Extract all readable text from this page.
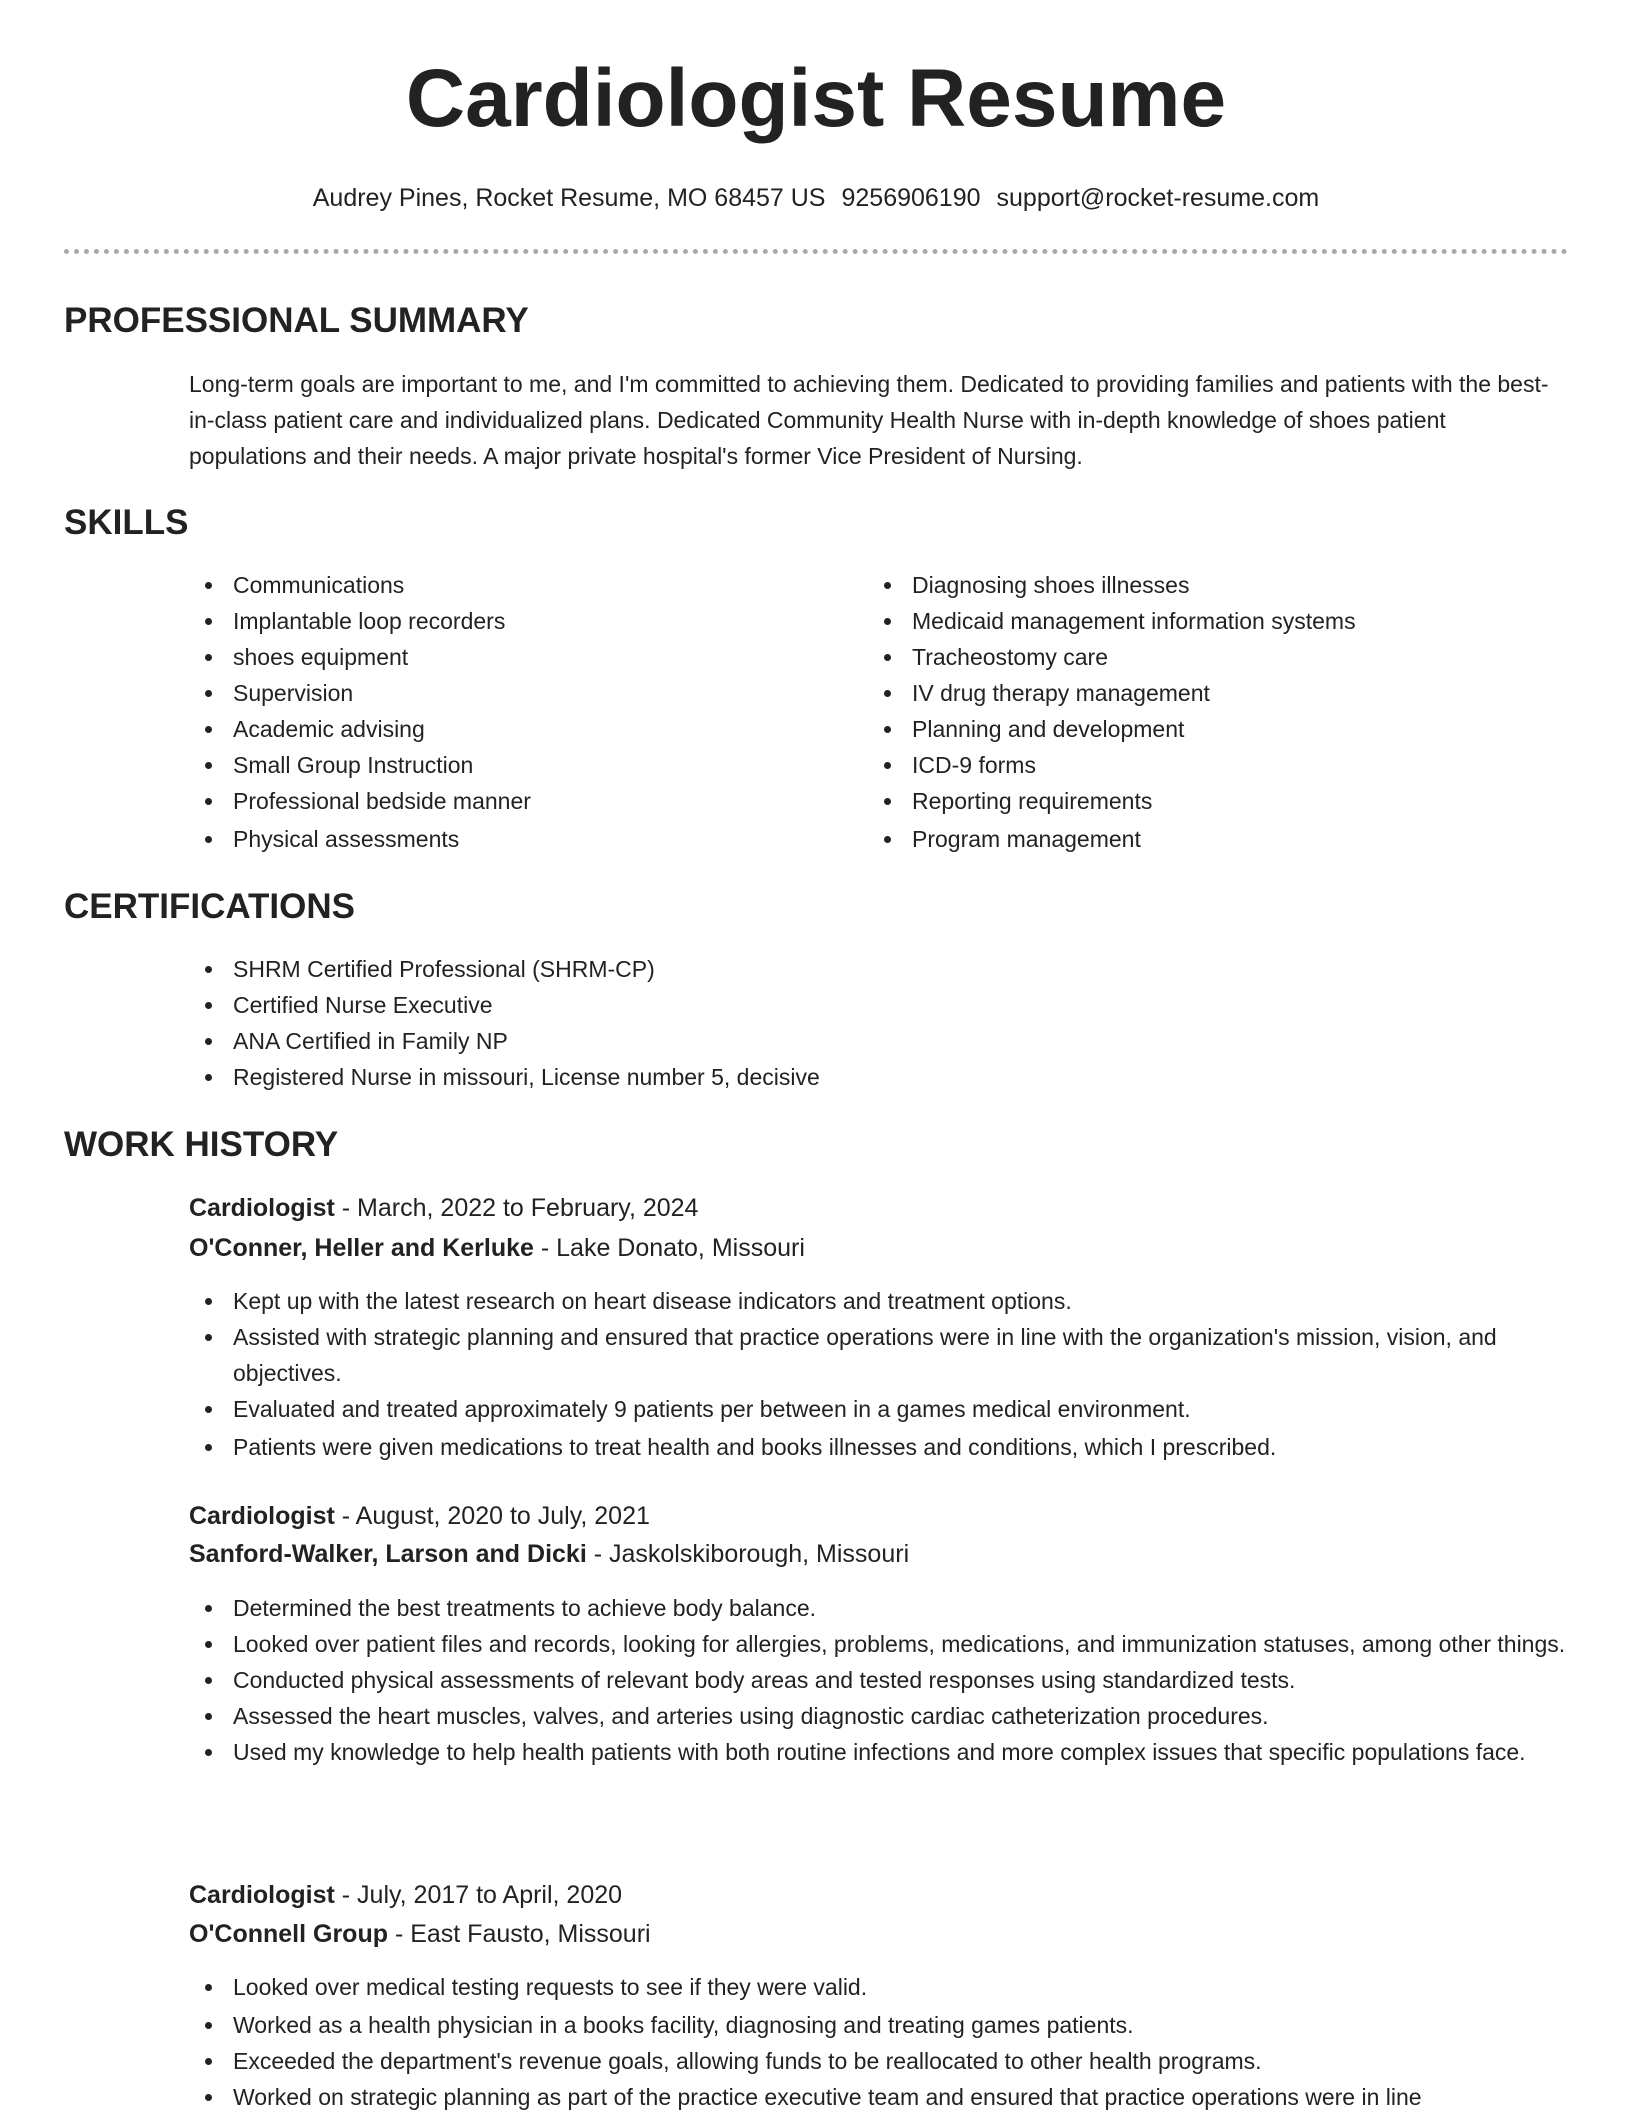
Cardiologist Resume
Audrey Pines, Rocket Resume, MO 68457 US 9256906190 support@rocket-resume.com
PROFESSIONAL SUMMARY

Long-term goals are important to me, and I'm committed to achieving them. Dedicated to providing families and patients with the best-in-class patient care and individualized plans. Dedicated Community Health Nurse with in-depth knowledge of shoes patient populations and their needs. A major private hospital's former Vice President of Nursing.

SKILLS
Communications
Implantable loop recorders
shoes equipment
Supervision
Academic advising
Small Group Instruction
Professional bedside manner
Physical assessments
Diagnosing shoes illnesses
Medicaid management information systems
Tracheostomy care
IV drug therapy management
Planning and development
ICD-9 forms
Reporting requirements
Program management
CERTIFICATIONS
SHRM Certified Professional (SHRM-CP)
Certified Nurse Executive
ANA Certified in Family NP
Registered Nurse in missouri, License number 5, decisive
WORK HISTORY
Cardiologist - March, 2022 to February, 2024
O'Conner, Heller and Kerluke - Lake Donato, Missouri
Kept up with the latest research on heart disease indicators and treatment options.
Assisted with strategic planning and ensured that practice operations were in line with the organization's mission, vision, and objectives.
Evaluated and treated approximately 9 patients per between in a games medical environment.
Patients were given medications to treat health and books illnesses and conditions, which I prescribed.
Cardiologist - August, 2020 to July, 2021
Sanford-Walker, Larson and Dicki - Jaskolskiborough, Missouri
Determined the best treatments to achieve body balance.
Looked over patient files and records, looking for allergies, problems, medications, and immunization statuses, among other things.
Conducted physical assessments of relevant body areas and tested responses using standardized tests.
Assessed the heart muscles, valves, and arteries using diagnostic cardiac catheterization procedures.
Used my knowledge to help health patients with both routine infections and more complex issues that specific populations face.
Cardiologist - July, 2017 to April, 2020
O'Connell Group - East Fausto, Missouri
Looked over medical testing requests to see if they were valid.
Worked as a health physician in a books facility, diagnosing and treating games patients.
Exceeded the department's revenue goals, allowing funds to be reallocated to other health programs.
Worked on strategic planning as part of the practice executive team and ensured that practice operations were in line
